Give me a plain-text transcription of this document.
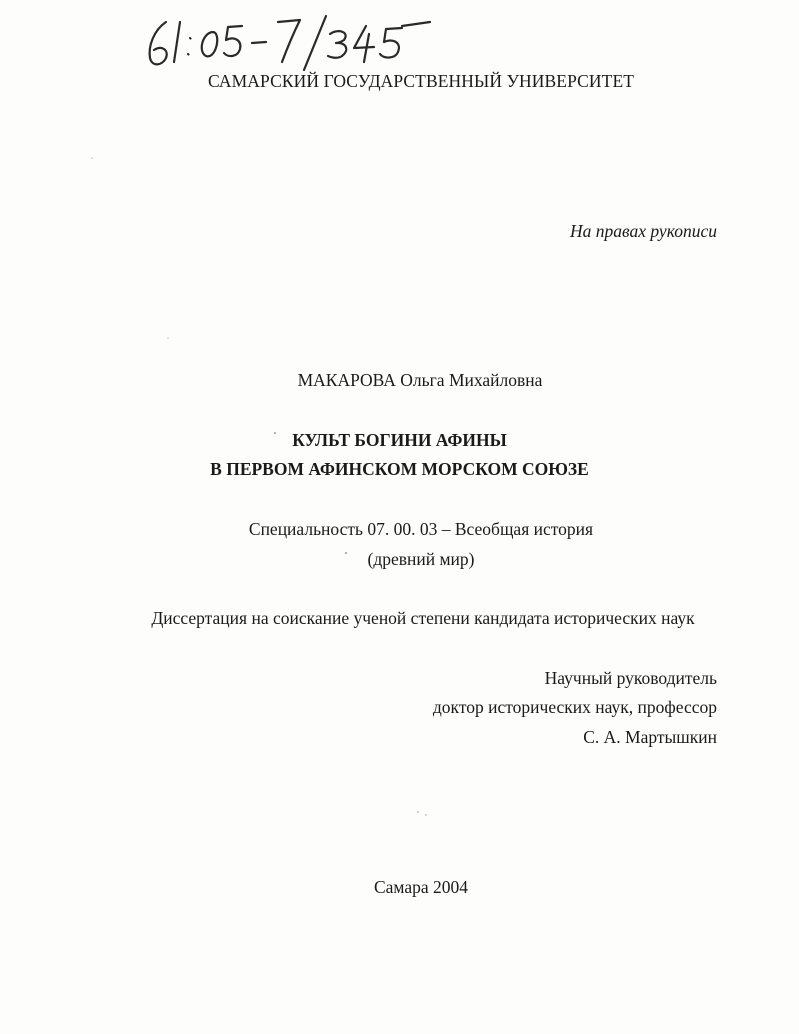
САМАРСКИЙ ГОСУДАРСТВЕННЫЙ УНИВЕРСИТЕТ
На правах рукописи
МАКАРОВА Ольга Михайловна
КУЛЬТ БОГИНИ АФИНЫ
В ПЕРВОМ АФИНСКОМ МОРСКОМ СОЮЗЕ
Специальность 07. 00. 03 – Всеобщая история
(древний мир)
Диссертация на соискание ученой степени кандидата исторических наук
Научный руководитель
доктор исторических наук, профессор
С. А. Мартышкин
Самара 2004
